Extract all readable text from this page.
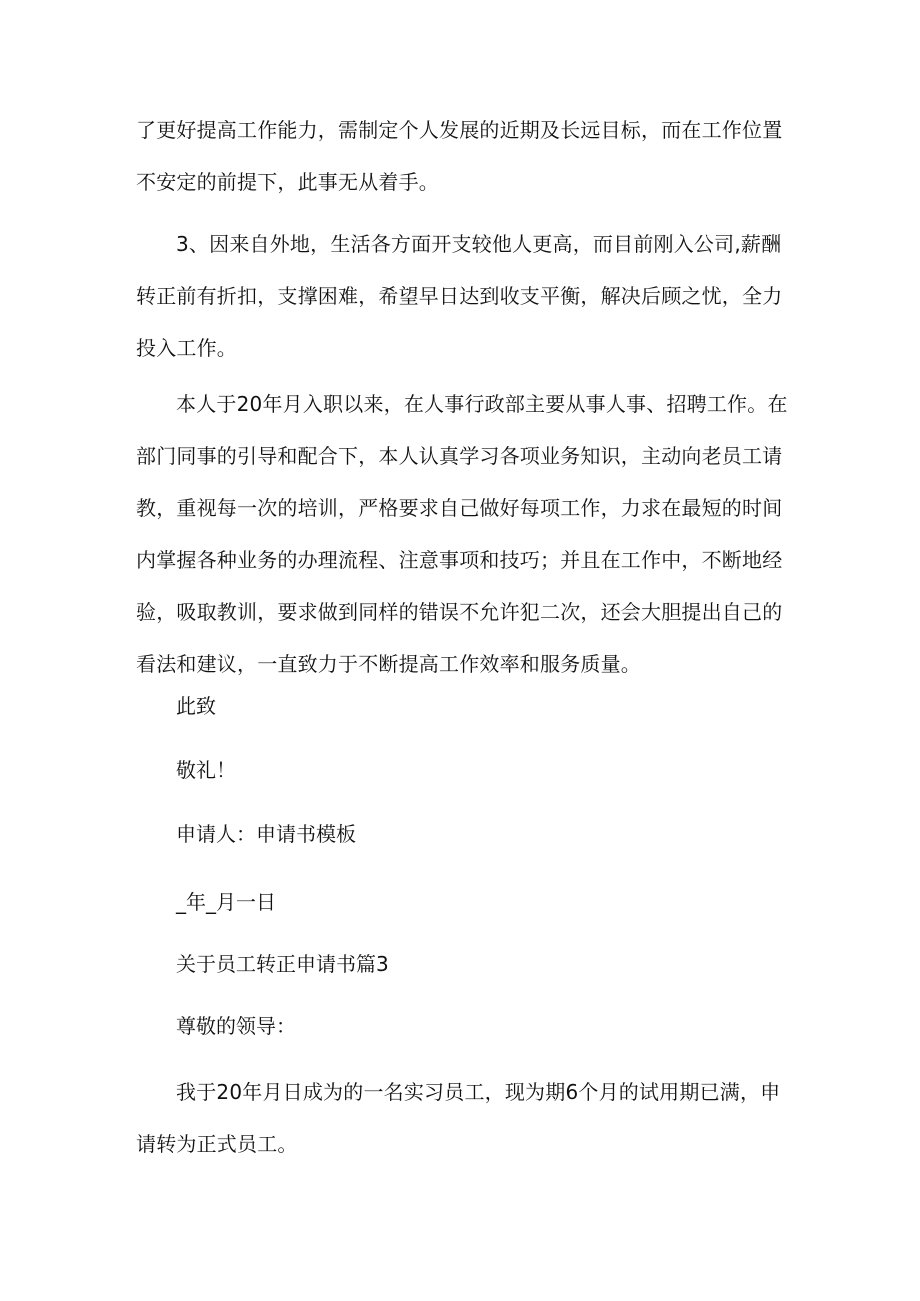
了更好提高工作能力，需制定个人发展的近期及长远目标，而在工作位置
不安定的前提下，此事无从着手。

3、因来自外地，生活各方面开支较他人更高，而目前刚入公司,薪酬
转正前有折扣，支撑困难，希望早日达到收支平衡，解决后顾之忧，全力
投入工作。

本人于20年月入职以来，在人事行政部主要从事人事、招聘工作。在
部门同事的引导和配合下，本人认真学习各项业务知识，主动向老员工请
教，重视每一次的培训，严格要求自己做好每项工作，力求在最短的时间
内掌握各种业务的办理流程、注意事项和技巧；并且在工作中，不断地经
验，吸取教训，要求做到同样的错误不允许犯二次，还会大胆提出自己的
看法和建议，一直致力于不断提高工作效率和服务质量。

此致

敬礼！

申请人：申请书模板

_年_月一日

关于员工转正申请书篇3

尊敬的领导：

我于20年月日成为的一名实习员工，现为期6个月的试用期已满，申
请转为正式员工。
